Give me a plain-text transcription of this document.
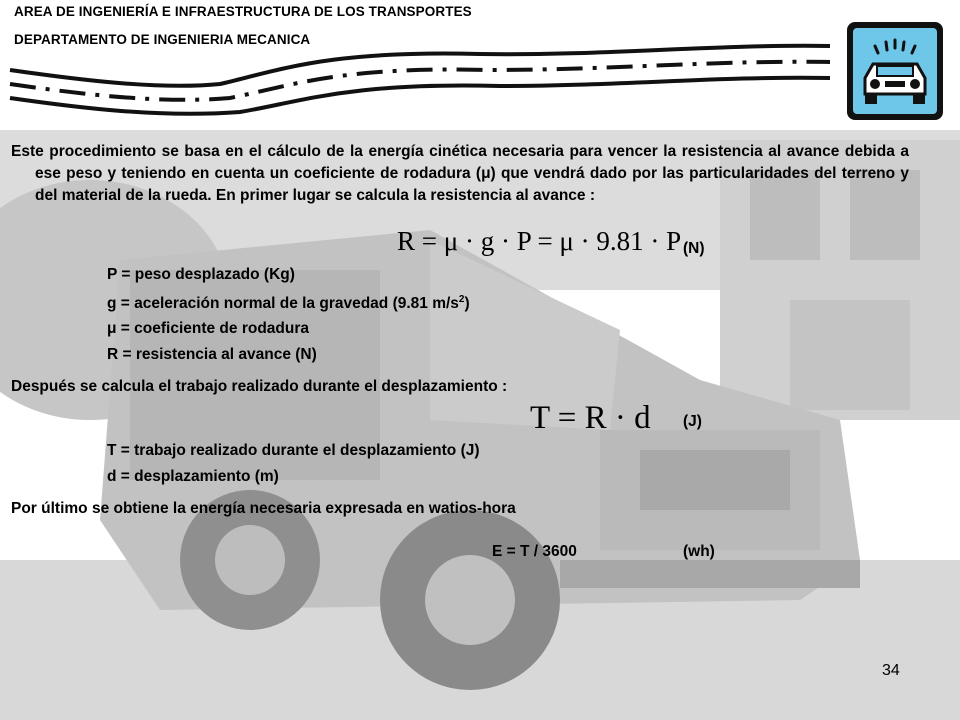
AREA DE INGENIERÍA E INFRAESTRUCTURA DE LOS TRANSPORTES
DEPARTAMENTO DE INGENIERIA MECANICA
Este procedimiento se basa en el cálculo de la energía cinética necesaria para vencer la resistencia al avance debida a ese peso y teniendo en cuenta un coeficiente de rodadura (μ) que vendrá dado por las particularidades del terreno y del material de la rueda. En primer lugar se calcula la resistencia al avance :
R = μ · g · P = μ · 9.81 · P (N)
P = peso desplazado (Kg)
g = aceleración normal de la gravedad (9.81 $m/s^2$)
μ = coeficiente de rodadura
R = resistencia al avance (N)
Después se calcula el trabajo realizado durante el desplazamiento :
T = R · d (J)
T = trabajo realizado durante el desplazamiento (J)
d = desplazamiento (m)
Por último se obtiene la energía necesaria expresada en watios-hora
E = T / 3600	(wh)
34
